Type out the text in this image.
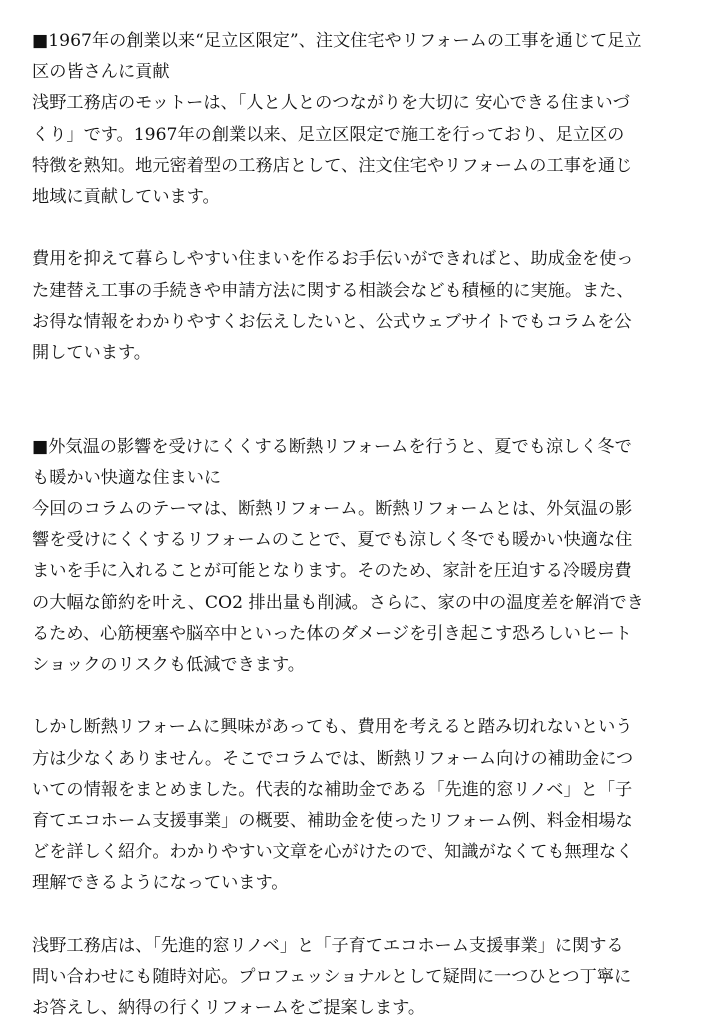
■1967年の創業以来“足立区限定”、注文住宅やリフォームの工事を通じて足立
区の皆さんに貢献

浅野工務店のモットーは、「人と人とのつながりを大切に 安心できる住まいづ
くり」です。1967年の創業以来、足立区限定で施工を行っており、足立区の
特徴を熟知。地元密着型の工務店として、注文住宅やリフォームの工事を通じ
地域に貢献しています。

費用を抑えて暮らしやすい住まいを作るお手伝いができればと、助成金を使っ
た建替え工事の手続きや申請方法に関する相談会なども積極的に実施。また、
お得な情報をわかりやすくお伝えしたいと、公式ウェブサイトでもコラムを公
開しています。

■外気温の影響を受けにくくする断熱リフォームを行うと、夏でも涼しく冬で
も暖かい快適な住まいに

今回のコラムのテーマは、断熱リフォーム。断熱リフォームとは、外気温の影
響を受けにくくするリフォームのことで、夏でも涼しく冬でも暖かい快適な住
まいを手に入れることが可能となります。そのため、家計を圧迫する冷暖房費
の大幅な節約を叶え、CO2 排出量も削減。さらに、家の中の温度差を解消でき
るため、心筋梗塞や脳卒中といった体のダメージを引き起こす恐ろしいヒート
ショックのリスクも低減できます。

しかし断熱リフォームに興味があっても、費用を考えると踏み切れないという
方は少なくありません。そこでコラムでは、断熱リフォーム向けの補助金につ
いての情報をまとめました。代表的な補助金である「先進的窓リノベ」と「子
育てエコホーム支援事業」の概要、補助金を使ったリフォーム例、料金相場な
どを詳しく紹介。わかりやすい文章を心がけたので、知識がなくても無理なく
理解できるようになっています。

浅野工務店は、「先進的窓リノベ」と「子育てエコホーム支援事業」に関する
問い合わせにも随時対応。プロフェッショナルとして疑問に一つひとつ丁寧に
お答えし、納得の行くリフォームをご提案します。
